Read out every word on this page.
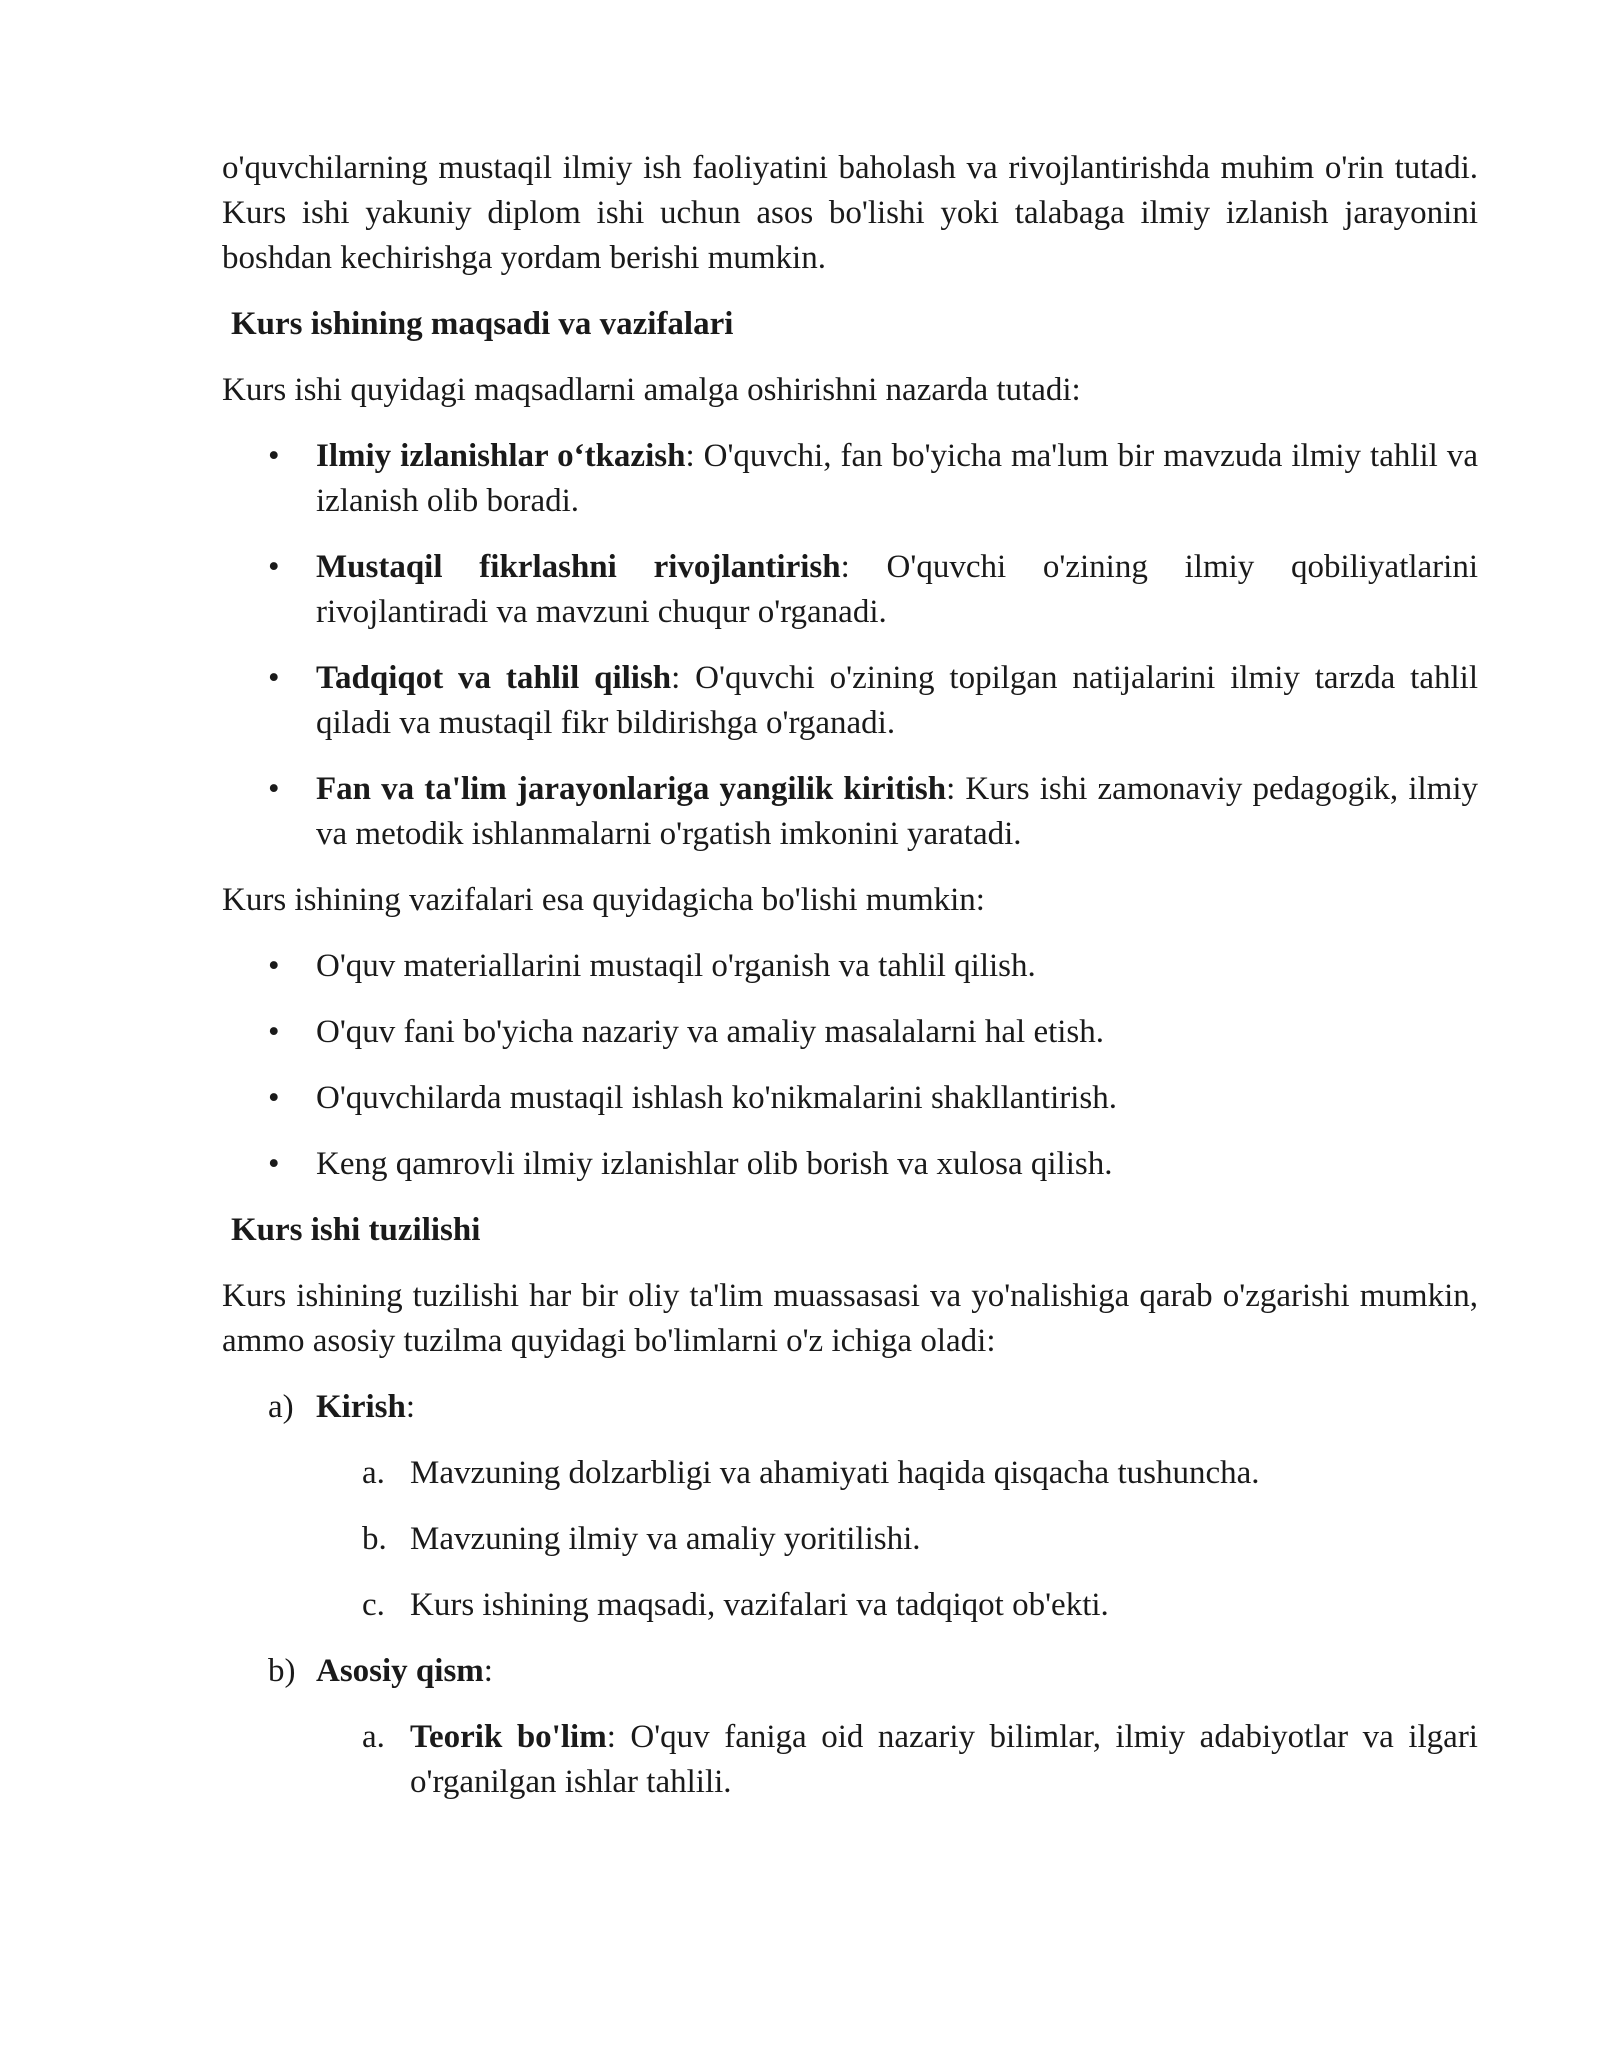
o'quvchilarning mustaqil ilmiy ish faoliyatini baholash va rivojlantirishda muhim o'rin tutadi. Kurs ishi yakuniy diplom ishi uchun asos bo'lishi yoki talabaga ilmiy izlanish jarayonini boshdan kechirishga yordam berishi mumkin.

Kurs ishining maqsadi va vazifalari

Kurs ishi quyidagi maqsadlarni amalga oshirishni nazarda tutadi:

• Ilmiy izlanishlar o‘tkazish: O'quvchi, fan bo'yicha ma'lum bir mavzuda ilmiy tahlil va izlanish olib boradi.
• Mustaqil fikrlashni rivojlantirish: O'quvchi o'zining ilmiy qobiliyatlarini rivojlantiradi va mavzuni chuqur o'rganadi.
• Tadqiqot va tahlil qilish: O'quvchi o'zining topilgan natijalarini ilmiy tarzda tahlil qiladi va mustaqil fikr bildirishga o'rganadi.
• Fan va ta'lim jarayonlariga yangilik kiritish: Kurs ishi zamonaviy pedagogik, ilmiy va metodik ishlanmalarni o'rgatish imkonini yaratadi.

Kurs ishining vazifalari esa quyidagicha bo'lishi mumkin:

• O'quv materiallarini mustaqil o'rganish va tahlil qilish.
• O'quv fani bo'yicha nazariy va amaliy masalalarni hal etish.
• O'quvchilarda mustaqil ishlash ko'nikmalarini shakllantirish.
• Keng qamrovli ilmiy izlanishlar olib borish va xulosa qilish.
Kurs ishi tuzilishi

Kurs ishining tuzilishi har bir oliy ta'lim muassasasi va yo'nalishiga qarab o'zgarishi mumkin, ammo asosiy tuzilma quyidagi bo'limlarni o'z ichiga oladi:

a) Kirish:
a. Mavzuning dolzarbligi va ahamiyati haqida qisqacha tushuncha.
b. Mavzuning ilmiy va amaliy yoritilishi.
c. Kurs ishining maqsadi, vazifalari va tadqiqot ob'ekti.
b) Asosiy qism:
a. Teorik bo'lim: O'quv faniga oid nazariy bilimlar, ilmiy adabiyotlar va ilgari o'rganilgan ishlar tahlili.
